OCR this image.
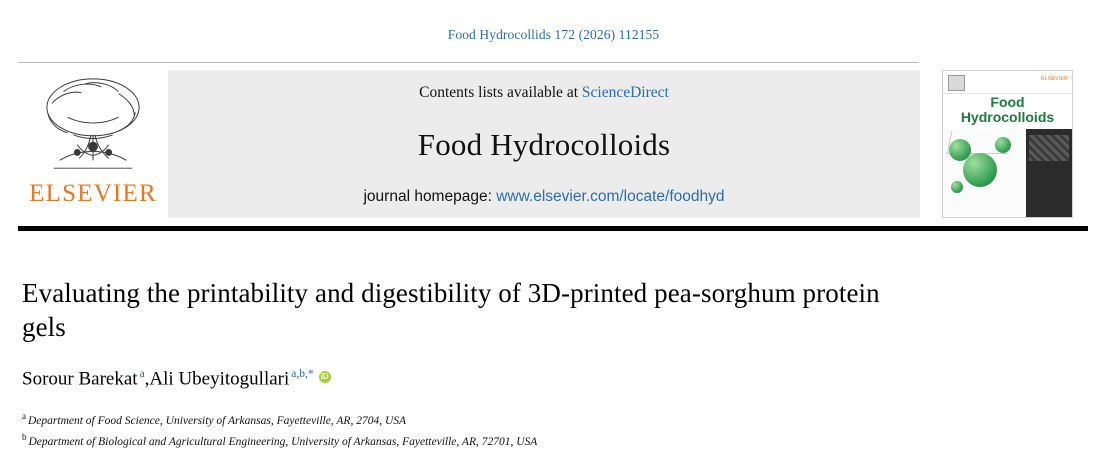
Food Hydrocollids 172 (2026) 112155
ELSEVIER
Contents lists available at ScienceDirect
Food Hydrocolloids
journal homepage: www.elsevier.com/locate/foodhyd
ELSEVIER
Food
Hydrocolloids
Evaluating the printability and digestibility of 3D-printed pea-sorghum protein gels
Sorour Barekat $^a$, Ali Ubeyitogullari $^{a,b,*}$
iD
$^a$ Department of Food Science, University of Arkansas, Fayetteville, AR, 2704, USA
$^b$ Department of Biological and Agricultural Engineering, University of Arkansas, Fayetteville, AR, 72701, USA
